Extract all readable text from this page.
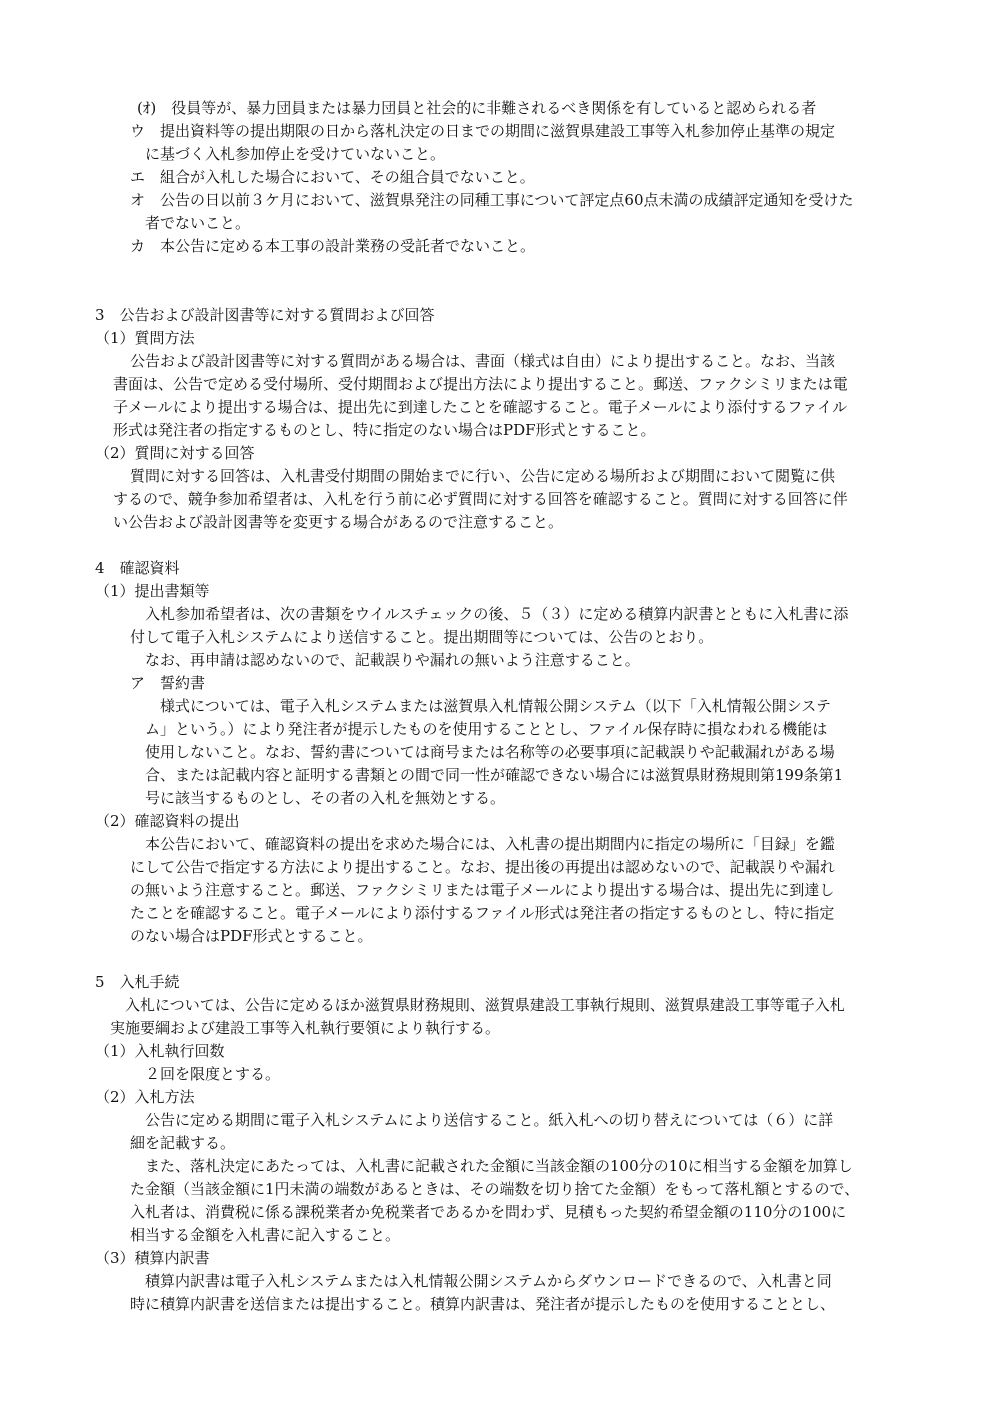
(ｵ)　役員等が、暴力団員または暴力団員と社会的に非難されるべき関係を有していると認められる者
ウ　提出資料等の提出期限の日から落札決定の日までの期間に滋賀県建設工事等入札参加停止基準の規定
に基づく入札参加停止を受けていないこと。
エ　組合が入札した場合において、その組合員でないこと。
オ　公告の日以前３ケ月において、滋賀県発注の同種工事について評定点60点未満の成績評定通知を受けた
者でないこと。
カ　本公告に定める本工事の設計業務の受託者でないこと。
3　公告および設計図書等に対する質問および回答
（1）質問方法
公告および設計図書等に対する質問がある場合は、書面（様式は自由）により提出すること。なお、当該
書面は、公告で定める受付場所、受付期間および提出方法により提出すること。郵送、ファクシミリまたは電
子メールにより提出する場合は、提出先に到達したことを確認すること。電子メールにより添付するファイル
形式は発注者の指定するものとし、特に指定のない場合はPDF形式とすること。
（2）質問に対する回答
質問に対する回答は、入札書受付期間の開始までに行い、公告に定める場所および期間において閲覧に供
するので、競争参加希望者は、入札を行う前に必ず質問に対する回答を確認すること。質問に対する回答に伴
い公告および設計図書等を変更する場合があるので注意すること。
4　確認資料
（1）提出書類等
入札参加希望者は、次の書類をウイルスチェックの後、５（３）に定める積算内訳書とともに入札書に添
付して電子入札システムにより送信すること。提出期間等については、公告のとおり。
なお、再申請は認めないので、記載誤りや漏れの無いよう注意すること。
ア　誓約書
様式については、電子入札システムまたは滋賀県入札情報公開システム（以下「入札情報公開システ
ム」という。）により発注者が提示したものを使用することとし、ファイル保存時に損なわれる機能は
使用しないこと。なお、誓約書については商号または名称等の必要事項に記載誤りや記載漏れがある場
合、または記載内容と証明する書類との間で同一性が確認できない場合には滋賀県財務規則第199条第1
号に該当するものとし、その者の入札を無効とする。
（2）確認資料の提出
本公告において、確認資料の提出を求めた場合には、入札書の提出期間内に指定の場所に「目録」を鑑
にして公告で指定する方法により提出すること。なお、提出後の再提出は認めないので、記載誤りや漏れ
の無いよう注意すること。郵送、ファクシミリまたは電子メールにより提出する場合は、提出先に到達し
たことを確認すること。電子メールにより添付するファイル形式は発注者の指定するものとし、特に指定
のない場合はPDF形式とすること。
5　入札手続
入札については、公告に定めるほか滋賀県財務規則、滋賀県建設工事執行規則、滋賀県建設工事等電子入札
実施要綱および建設工事等入札執行要領により執行する。
（1）入札執行回数
２回を限度とする。
（2）入札方法
公告に定める期間に電子入札システムにより送信すること。紙入札への切り替えについては（６）に詳
細を記載する。
また、落札決定にあたっては、入札書に記載された金額に当該金額の100分の10に相当する金額を加算し
た金額（当該金額に1円未満の端数があるときは、その端数を切り捨てた金額）をもって落札額とするので、
入札者は、消費税に係る課税業者か免税業者であるかを問わず、見積もった契約希望金額の110分の100に
相当する金額を入札書に記入すること。
（3）積算内訳書
積算内訳書は電子入札システムまたは入札情報公開システムからダウンロードできるので、入札書と同
時に積算内訳書を送信または提出すること。積算内訳書は、発注者が提示したものを使用することとし、
